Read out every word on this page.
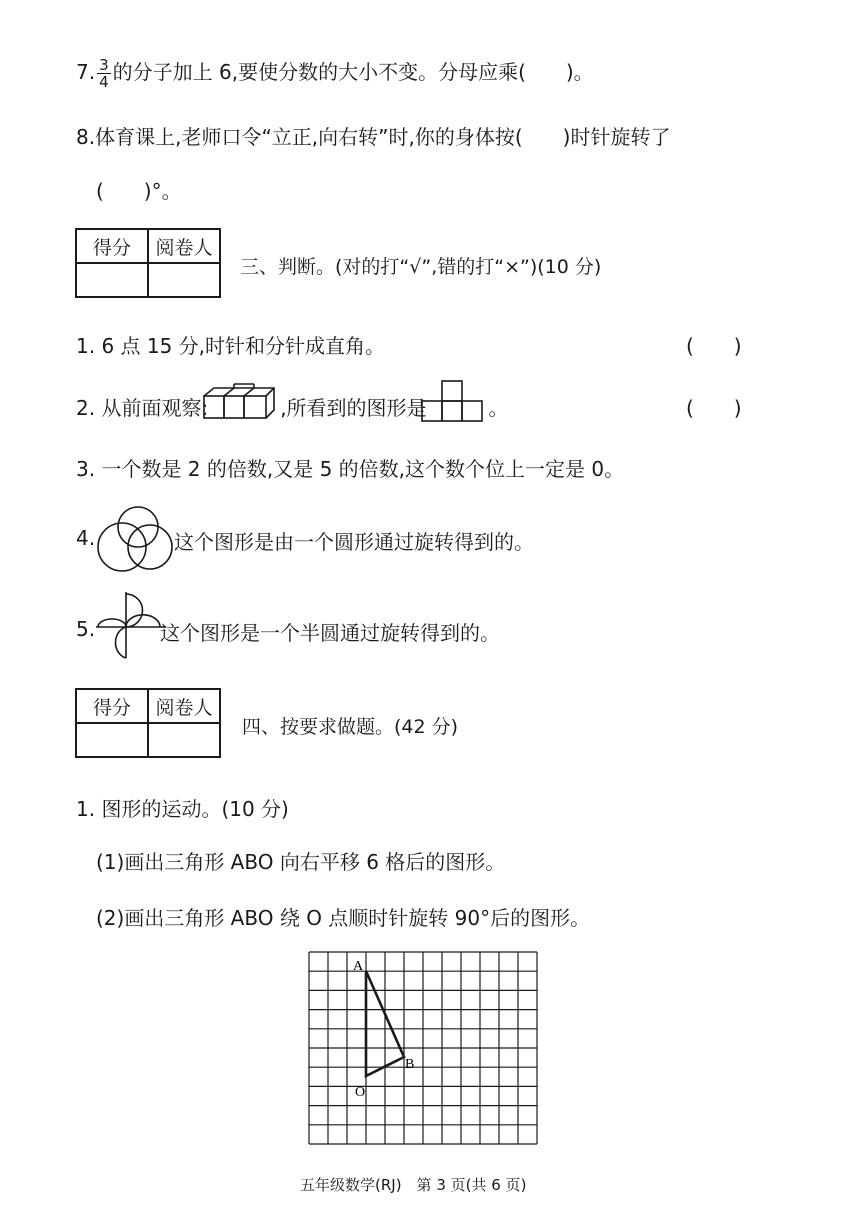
7. $\frac{3}{4}$ 的分子加上 6,要使分数的大小不变。分母应乘(　　)。
8.体育课上,老师口令“立正,向右转”时,你的身体按(　　)时针旋转了
(　　)°。
得分	阅卷人

三、判断。(对的打“√”,错的打“×”)(10 分)
1. 6 点 15 分,时针和分针成直角。	(　　)
2. 从前面观察:	,所看到的图形是	。	(　　)
3. 一个数是 2 的倍数,又是 5 的倍数,这个数个位上一定是 0。
4.	这个图形是由一个圆形通过旋转得到的。
5.	这个图形是一个半圆通过旋转得到的。
得分	阅卷人

四、按要求做题。(42 分)
1. 图形的运动。(10 分)
(1)画出三角形 ABO 向右平移 6 格后的图形。
(2)画出三角形 ABO 绕 O 点顺时针旋转 90°后的图形。
A
B
O
五年级数学(RJ)　第 3 页(共 6 页)
